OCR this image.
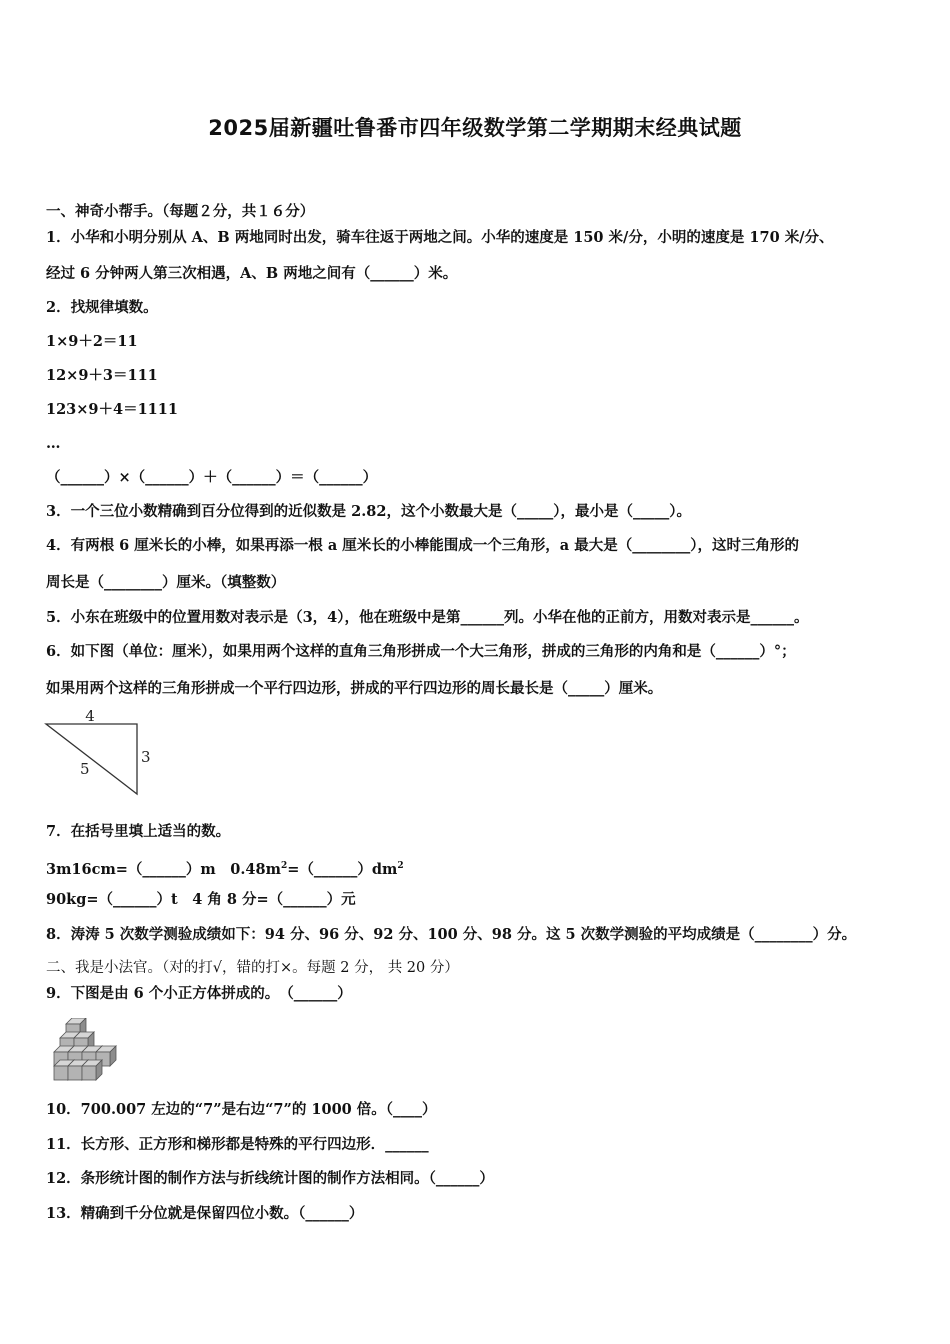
2025届新疆吐鲁番市四年级数学第二学期期末经典试题
一、神奇小帮手。（每题２分，共１６分）
1．小华和小明分别从 A、B 两地同时出发，骑车往返于两地之间。小华的速度是 150 米/分，小明的速度是 170 米/分、
经过 6 分钟两人第三次相遇，A、B 两地之间有（______）米。
2．找规律填数。
1×9＋2＝11
12×9＋3＝111
123×9＋4＝1111
…
（______）×（______）＋（______）＝（______）
3．一个三位小数精确到百分位得到的近似数是 2.82，这个小数最大是（_____），最小是（_____）。
4．有两根 6 厘米长的小棒，如果再添一根 a 厘米长的小棒能围成一个三角形，a 最大是（________），这时三角形的
周长是（________）厘米。（填整数）
5．小东在班级中的位置用数对表示是（3，4），他在班级中是第______列。小华在他的正前方，用数对表示是______。
6．如下图（单位：厘米），如果用两个这样的直角三角形拼成一个大三角形，拼成的三角形的内角和是（______）°；
如果用两个这样的三角形拼成一个平行四边形，拼成的平行四边形的周长最长是（_____）厘米。
4
3
5
7．在括号里填上适当的数。
3m16cm=（______）m　$0.48m^2=(\_\_\_\_\_\_)dm^2$
90kg=（______）t　4 角 8 分=（______）元
8．涛涛 5 次数学测验成绩如下：94 分、96 分、92 分、100 分、98 分。这 5 次数学测验的平均成绩是（________）分。
二、我是小法官。（对的打√，错的打×。每题 2 分， 共 20 分）
9．下图是由 6 个小正方体拼成的。　（______）
10．700.007 左边的“7”是右边“7”的 1000 倍。（____）
11．长方形、正方形和梯形都是特殊的平行四边形．______
12．条形统计图的制作方法与折线统计图的制作方法相同。（______）
13．精确到千分位就是保留四位小数。（______）
